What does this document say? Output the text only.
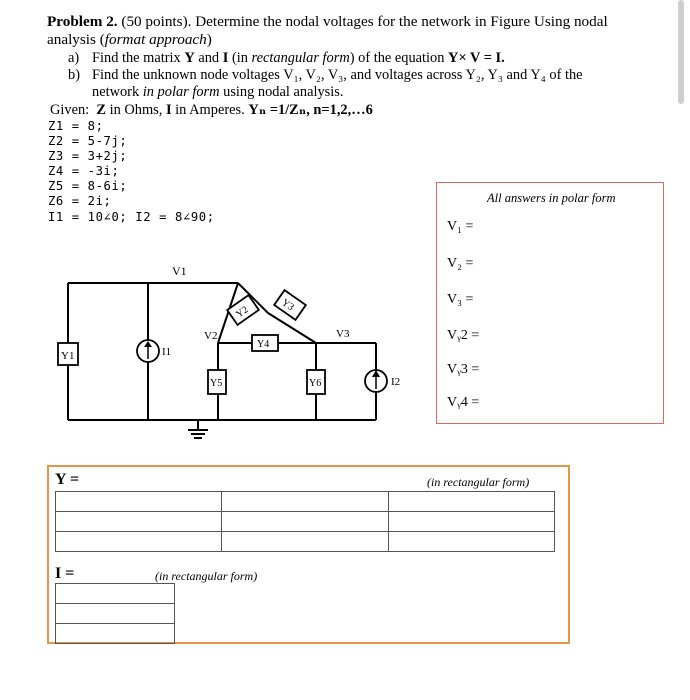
Problem 2. (50 points). Determine the nodal voltages for the network in Figure Using nodal
analysis (format approach)
a) Find the matrix Y and I (in rectangular form) of the equation Y× V = I.
b) Find the unknown node voltages V₁, V₂, V₃, and voltages across Y₂, Y₃ and Y₄ of the
network in polar form using nodal analysis.
Given: Z in Ohms, I in Amperes. Yₙ =1/Zₙ, n=1,2,…6
Z1 = 8;
Z2 = 5-7j;
Z3 = 3+2j;
Z4 = -3i;
Z5 = 8-6i;
Z6 = 2i;
I1 = 10∠0; I2 = 8∠90;
Y1	I1
Y2	Y3
Y4
Y5	Y6	I2
V1
V2	V3
All answers in polar form
V₁ =
V₂ =
V₃ =
Vᵧ2 =
Vᵧ3 =
Vᵧ4 =
Y =	(in rectangular form)

I =	(in rectangular form)
